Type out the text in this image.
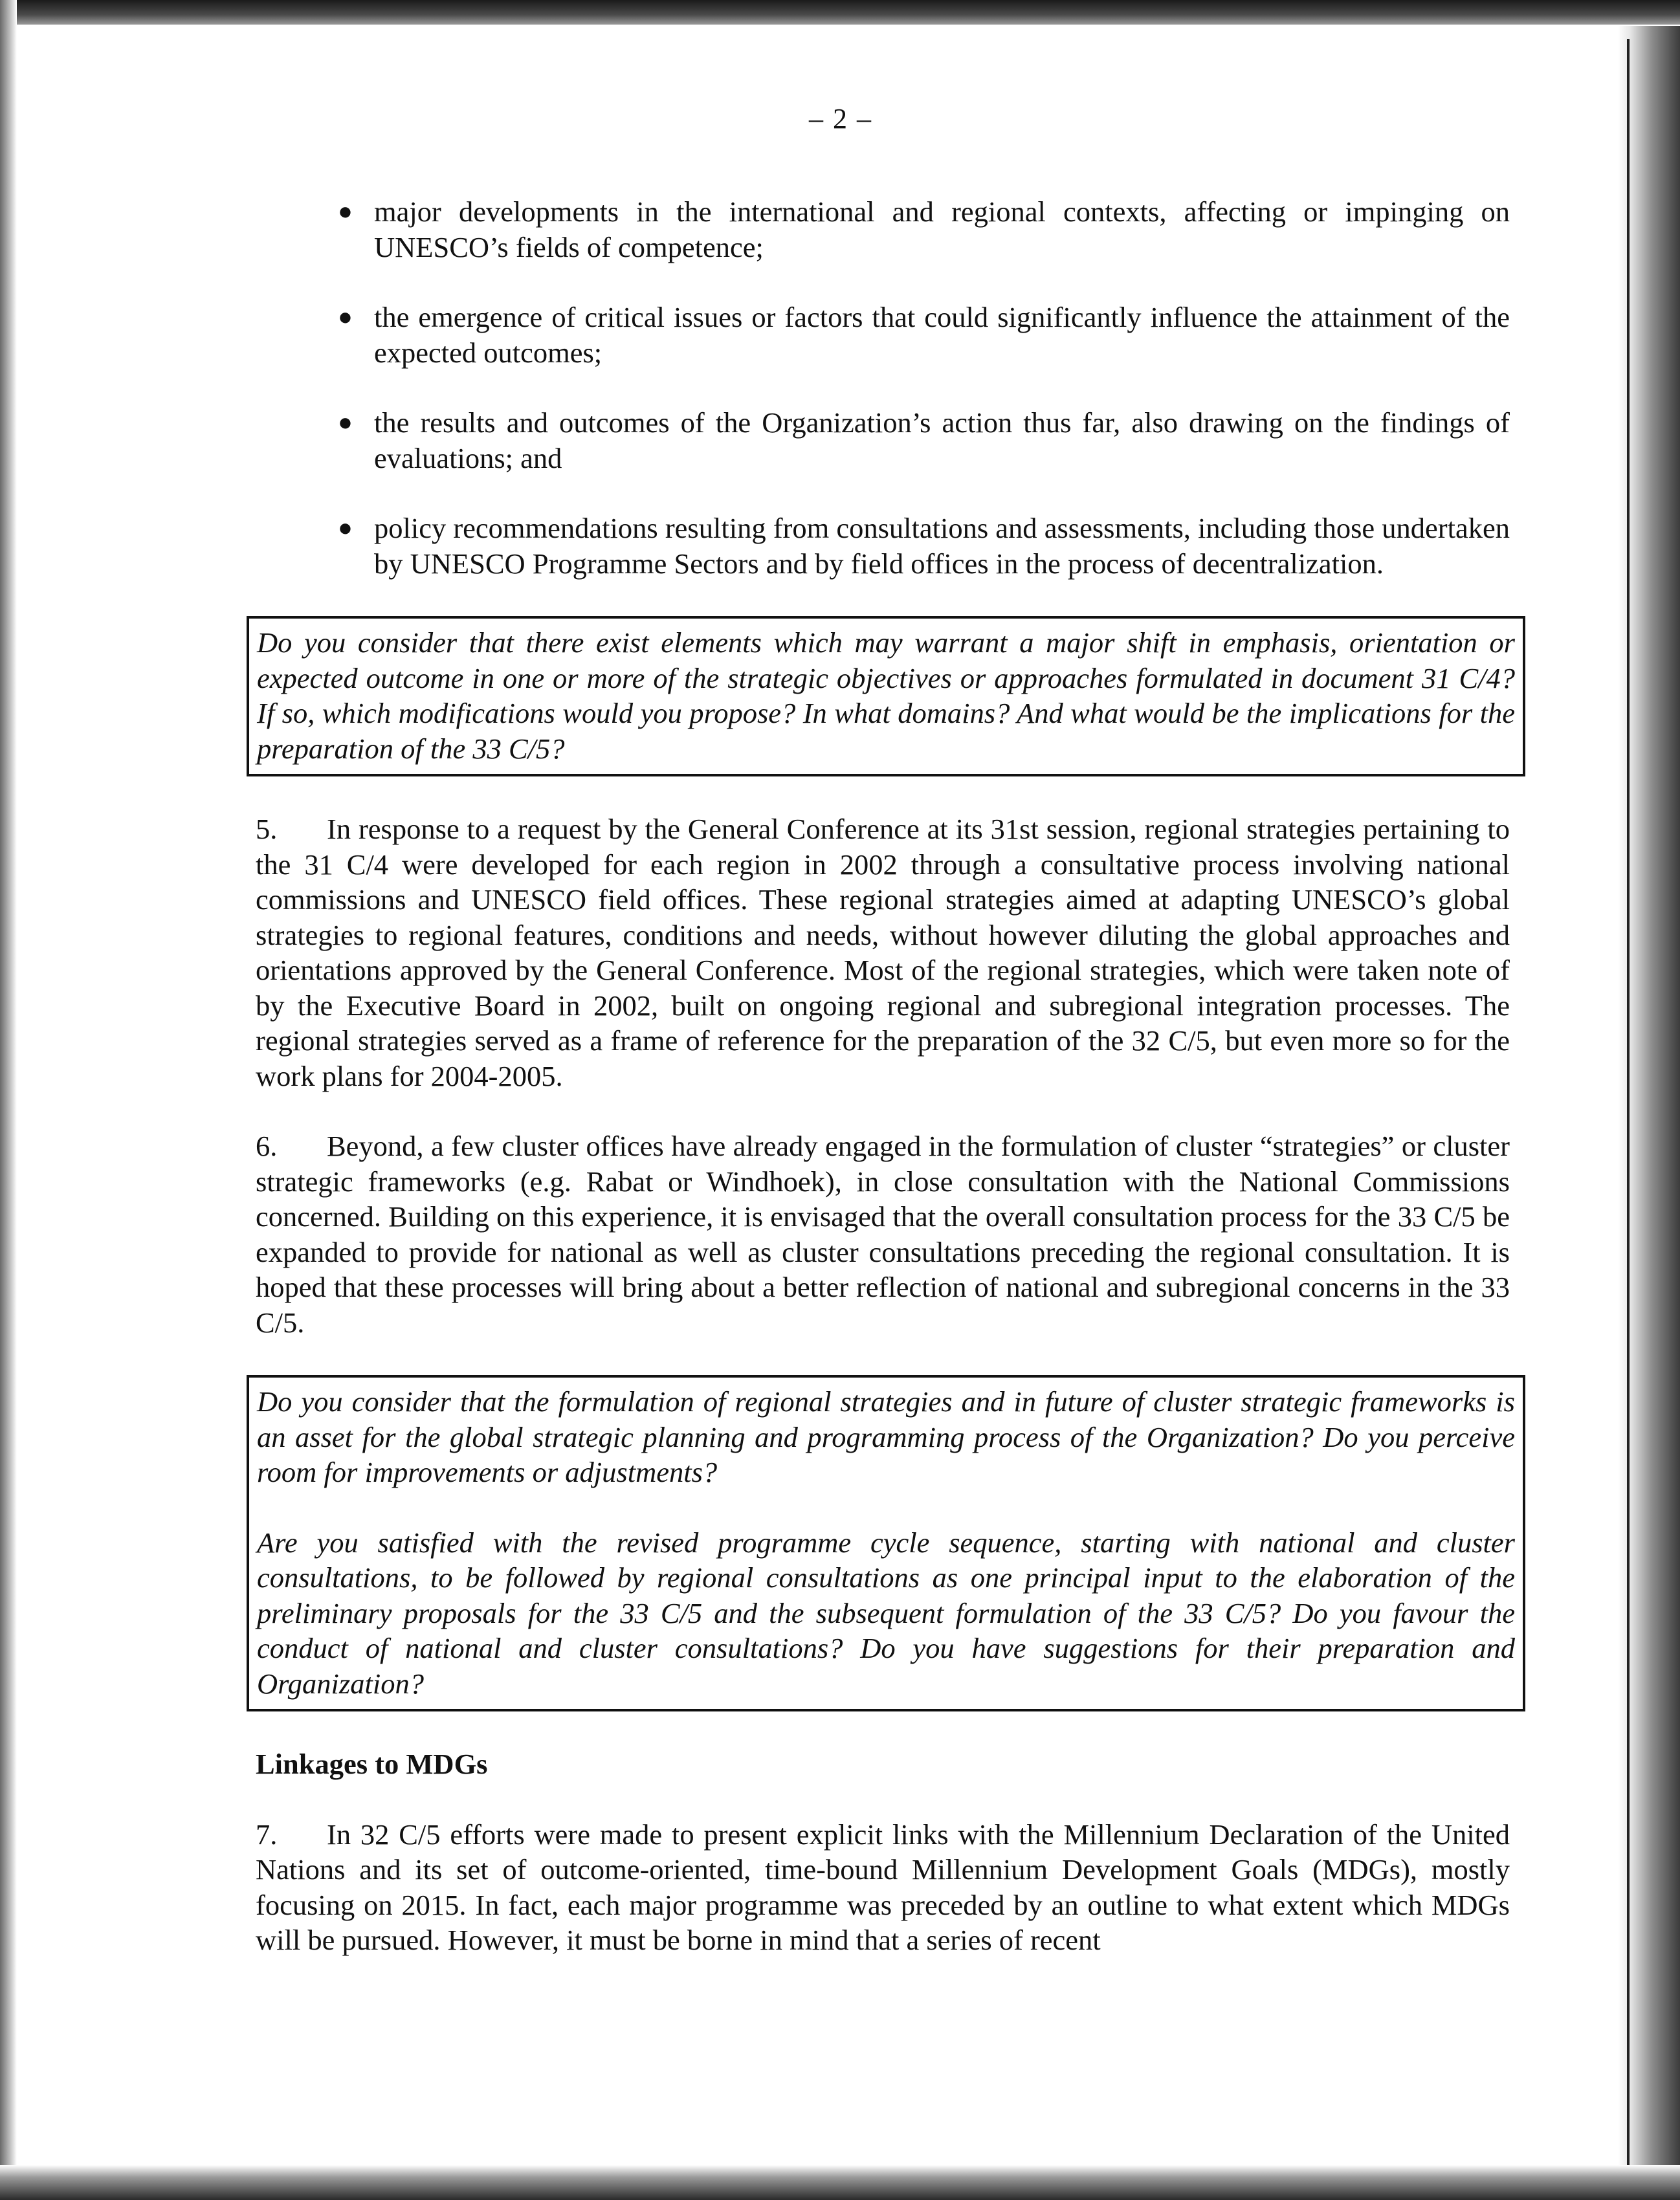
– 2 –
● major developments in the international and regional contexts, affecting or impinging on UNESCO’s fields of competence;
● the emergence of critical issues or factors that could significantly influence the attainment of the expected outcomes;
● the results and outcomes of the Organization’s action thus far, also drawing on the findings of evaluations; and
● policy recommendations resulting from consultations and assessments, including those undertaken by UNESCO Programme Sectors and by field offices in the process of decentralization.

Do you consider that there exist elements which may warrant a major shift in emphasis, orientation or expected outcome in one or more of the strategic objectives or approaches formulated in document 31 C/4? If so, which modifications would you propose? In what domains? And what would be the implications for the preparation of the 33 C/5?

5. In response to a request by the General Conference at its 31st session, regional strategies pertaining to the 31 C/4 were developed for each region in 2002 through a consultative process involving national commissions and UNESCO field offices. These regional strategies aimed at adapting UNESCO’s global strategies to regional features, conditions and needs, without however diluting the global approaches and orientations approved by the General Conference. Most of the regional strategies, which were taken note of by the Executive Board in 2002, built on ongoing regional and subregional integration processes. The regional strategies served as a frame of reference for the preparation of the 32 C/5, but even more so for the work plans for 2004-2005.

6. Beyond, a few cluster offices have already engaged in the formulation of cluster “strategies” or cluster strategic frameworks (e.g. Rabat or Windhoek), in close consultation with the National Commissions concerned. Building on this experience, it is envisaged that the overall consultation process for the 33 C/5 be expanded to provide for national as well as cluster consultations preceding the regional consultation. It is hoped that these processes will bring about a better reflection of national and subregional concerns in the 33 C/5.

Do you consider that the formulation of regional strategies and in future of cluster strategic frameworks is an asset for the global strategic planning and programming process of the Organization? Do you perceive room for improvements or adjustments?

Are you satisfied with the revised programme cycle sequence, starting with national and cluster consultations, to be followed by regional consultations as one principal input to the elaboration of the preliminary proposals for the 33 C/5 and the subsequent formulation of the 33 C/5? Do you favour the conduct of national and cluster consultations? Do you have suggestions for their preparation and Organization?

Linkages to MDGs

7. In 32 C/5 efforts were made to present explicit links with the Millennium Declaration of the United Nations and its set of outcome-oriented, time-bound Millennium Development Goals (MDGs), mostly focusing on 2015. In fact, each major programme was preceded by an outline to what extent which MDGs will be pursued. However, it must be borne in mind that a series of recent
